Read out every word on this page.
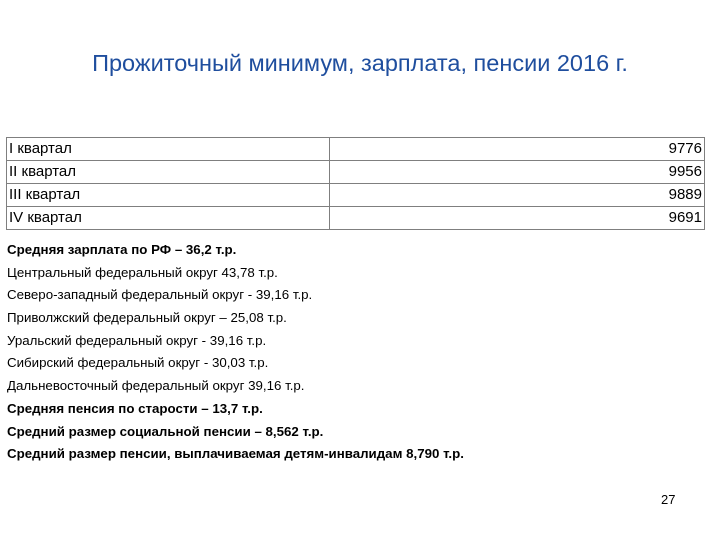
Прожиточный минимум, зарплата, пенсии 2016 г.
I квартал	9776
II квартал	9956
III квартал	9889
IV квартал	9691
Средняя зарплата по РФ – 36,2 т.р.
Центральный федеральный округ 43,78 т.р.
Северо-западный федеральный округ - 39,16 т.р.
Приволжский федеральный округ – 25,08 т.р.
Уральский федеральный округ - 39,16 т.р.
Сибирский федеральный округ - 30,03 т.р.
Дальневосточный федеральный округ 39,16 т.р.
Средняя пенсия по старости – 13,7 т.р.
Средний размер социальной пенсии – 8,562 т.р.
Средний размер пенсии, выплачиваемая детям-инвалидам 8,790 т.р.
27
